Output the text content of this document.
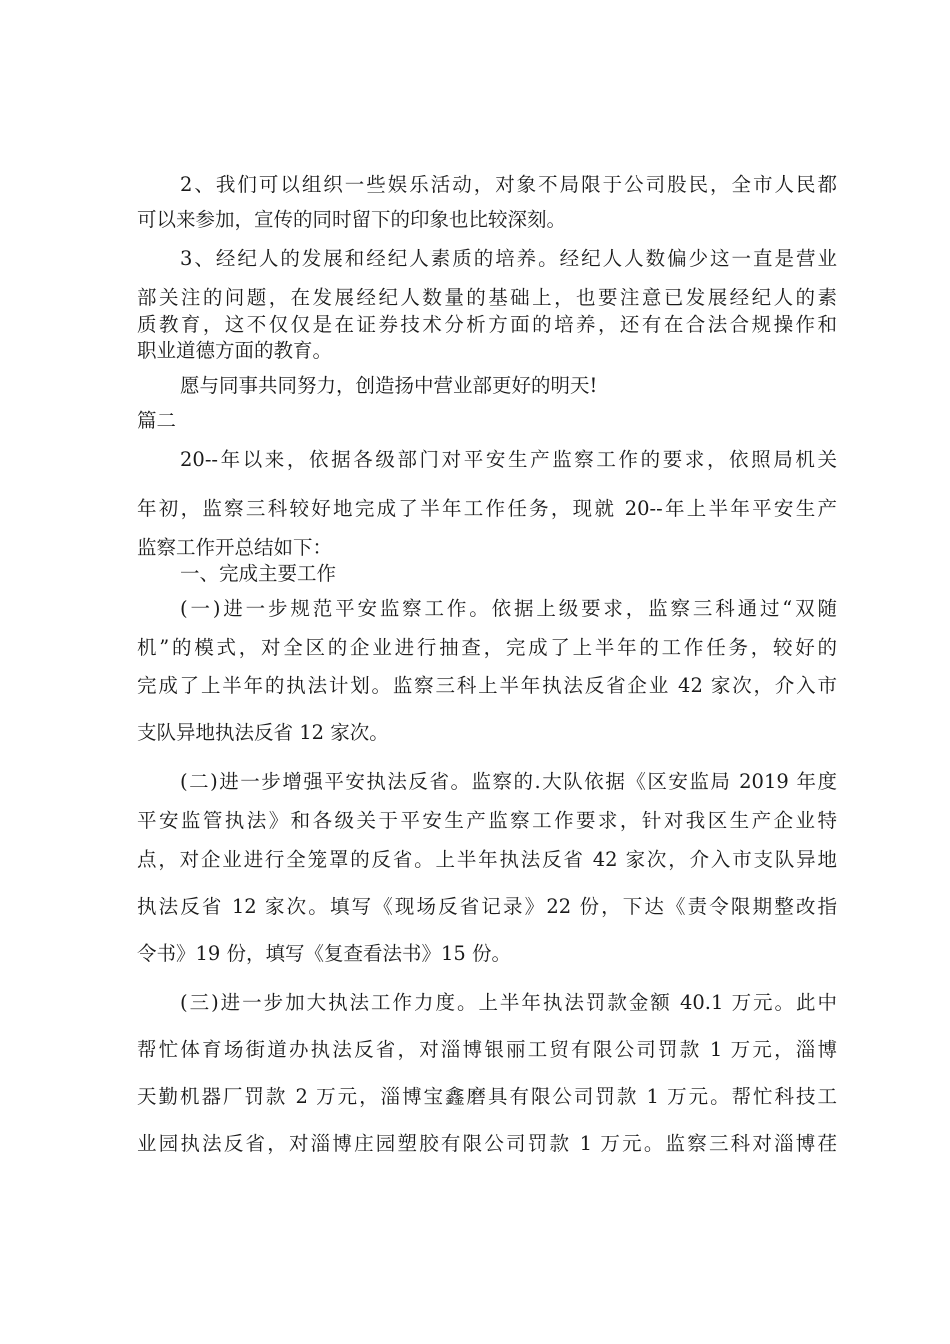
2、我们可以组织一些娱乐活动，对象不局限于公司股民，全市人民都
可以来参加，宣传的同时留下的印象也比较深刻。
3、经纪人的发展和经纪人素质的培养。经纪人人数偏少这一直是营业
部关注的问题，在发展经纪人数量的基础上，也要注意已发展经纪人的素
质教育，这不仅仅是在证券技术分析方面的培养，还有在合法合规操作和
职业道德方面的教育。
愿与同事共同努力，创造扬中营业部更好的明天!
篇二
20--年以来，依据各级部门对平安生产监察工作的要求，依照局机关
年初，监察三科较好地完成了半年工作任务，现就 20--年上半年平安生产
监察工作开总结如下：
一、完成主要工作
(一)进一步规范平安监察工作。依据上级要求，监察三科通过“双随
机”的模式，对全区的企业进行抽查，完成了上半年的工作任务，较好的
完成了上半年的执法计划。监察三科上半年执法反省企业 42 家次，介入市
支队异地执法反省 12 家次。
(二)进一步增强平安执法反省。监察的.大队依据《区安监局 2019 年度
平安监管执法》和各级关于平安生产监察工作要求，针对我区生产企业特
点，对企业进行全笼罩的反省。上半年执法反省 42 家次，介入市支队异地
执法反省 12 家次。填写《现场反省记录》22 份，下达《责令限期整改指
令书》19 份，填写《复查看法书》15 份。
(三)进一步加大执法工作力度。上半年执法罚款金额 40.1 万元。此中
帮忙体育场街道办执法反省，对淄博银丽工贸有限公司罚款 1 万元，淄博
天勤机器厂罚款 2 万元，淄博宝鑫磨具有限公司罚款 1 万元。帮忙科技工
业园执法反省，对淄博庄园塑胶有限公司罚款 1 万元。监察三科对淄博荏
